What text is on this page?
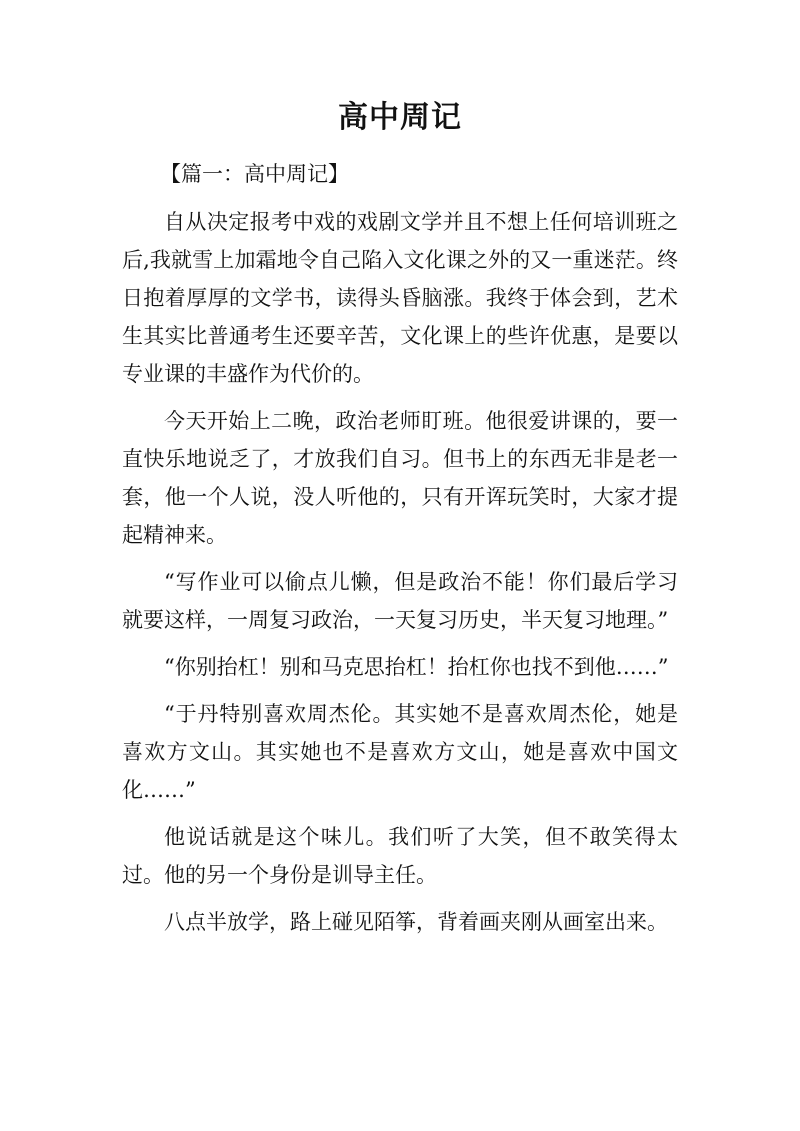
高中周记

【篇一：高中周记】

自从决定报考中戏的戏剧文学并且不想上任何培训班之后,我就雪上加霜地令自己陷入文化课之外的又一重迷茫。终日抱着厚厚的文学书，读得头昏脑涨。我终于体会到，艺术生其实比普通考生还要辛苦，文化课上的些许优惠，是要以专业课的丰盛作为代价的。

今天开始上二晚，政治老师盯班。他很爱讲课的，要一直快乐地说乏了，才放我们自习。但书上的东西无非是老一套，他一个人说，没人听他的，只有开诨玩笑时，大家才提起精神来。

“写作业可以偷点儿懒，但是政治不能！你们最后学习就要这样，一周复习政治，一天复习历史，半天复习地理。”

“你别抬杠！别和马克思抬杠！抬杠你也找不到他……”

“于丹特别喜欢周杰伦。其实她不是喜欢周杰伦，她是喜欢方文山。其实她也不是喜欢方文山，她是喜欢中国文化……”

他说话就是这个味儿。我们听了大笑，但不敢笑得太过。他的另一个身份是训导主任。

八点半放学，路上碰见陌筝，背着画夹刚从画室出来。
